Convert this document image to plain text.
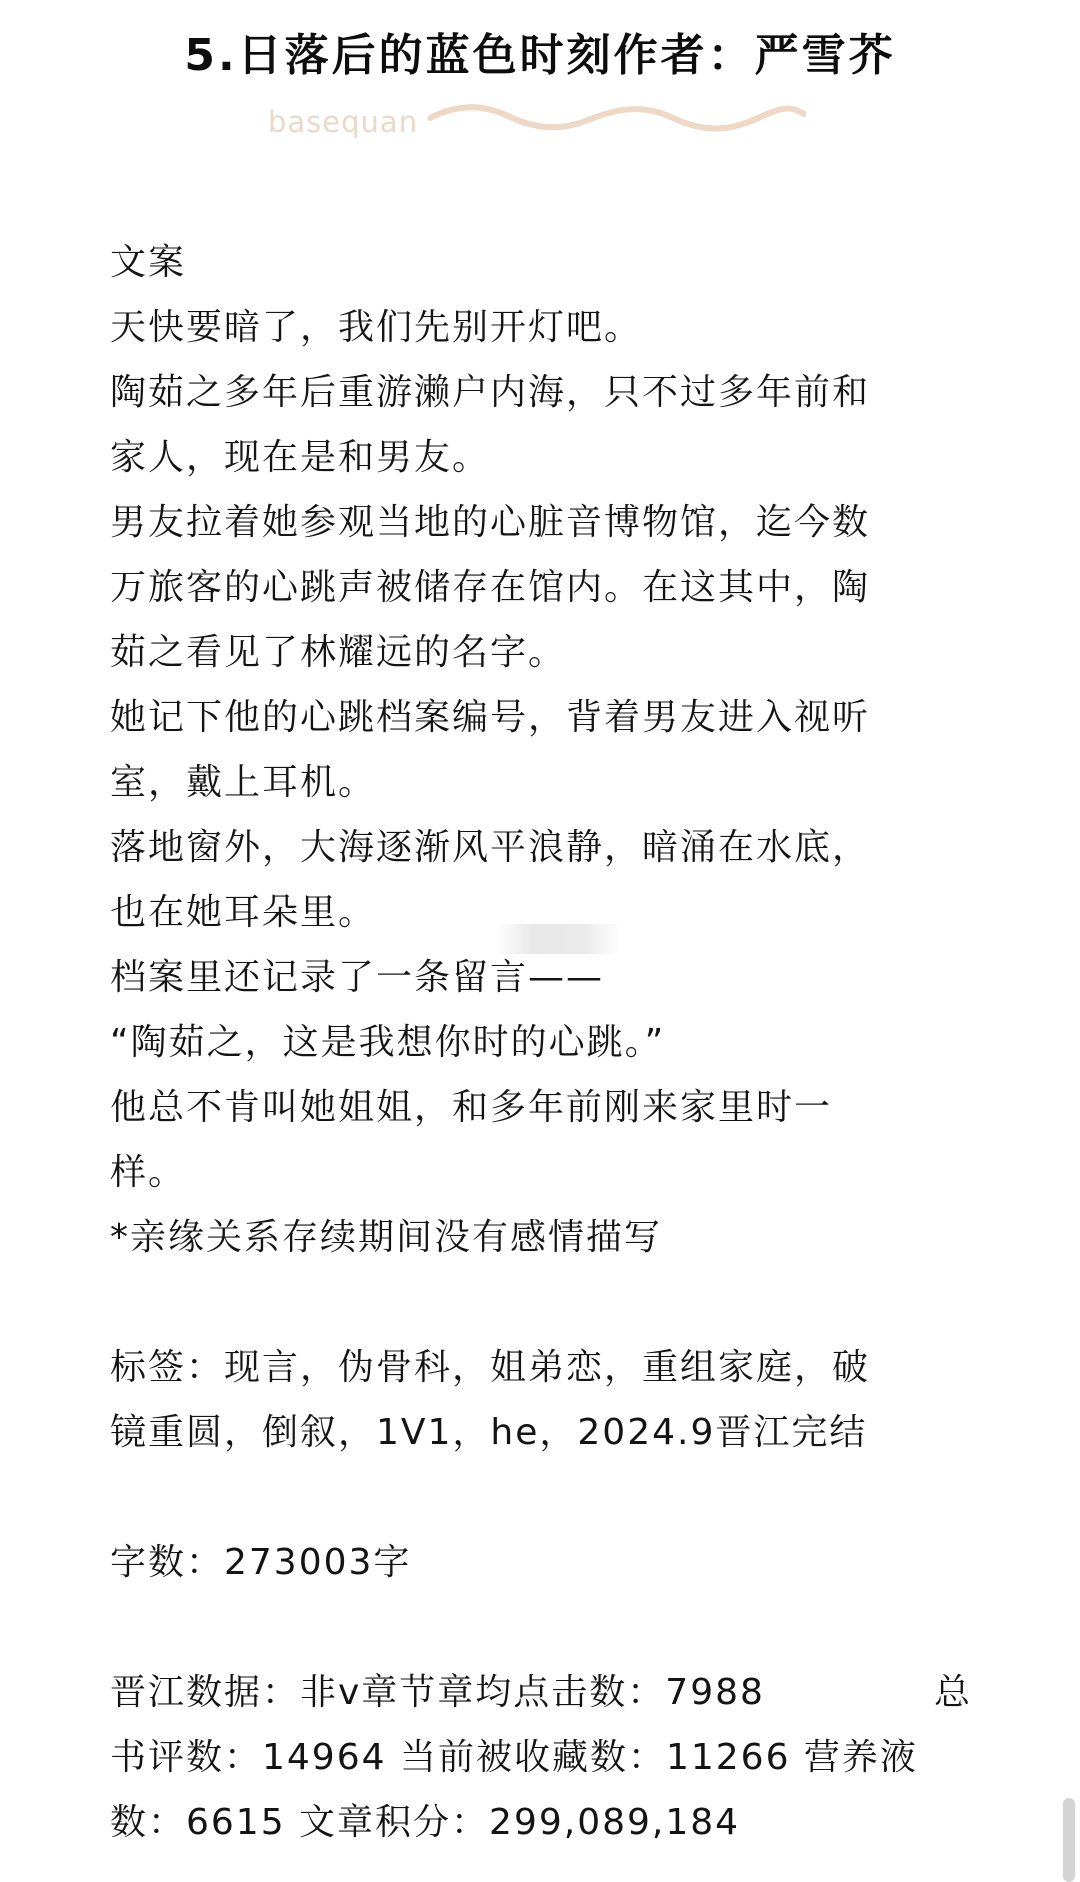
5.日落后的蓝色时刻作者：严雪芥
basequan

文案

天快要暗了，我们先别开灯吧。

陶茹之多年后重游濑户内海，只不过多年前和

家人，现在是和男友。

男友拉着她参观当地的心脏音博物馆，迄今数

万旅客的心跳声被储存在馆内。在这其中，陶

茹之看见了林耀远的名字。

她记下他的心跳档案编号，背着男友进入视听

室，戴上耳机。

落地窗外，大海逐渐风平浪静，暗涌在水底，

也在她耳朵里。

档案里还记录了一条留言——

“陶茹之，这是我想你时的心跳。”

他总不肯叫她姐姐，和多年前刚来家里时一

样。

*亲缘关系存续期间没有感情描写

标签：现言，伪骨科，姐弟恋，重组家庭，破

镜重圆，倒叙，1V1，he，2024.9晋江完结

字数：273003字

晋江数据：非v章节章均点击数：7988	总

书评数：14964 当前被收藏数：11266 营养液

数：6615 文章积分：299,089,184
